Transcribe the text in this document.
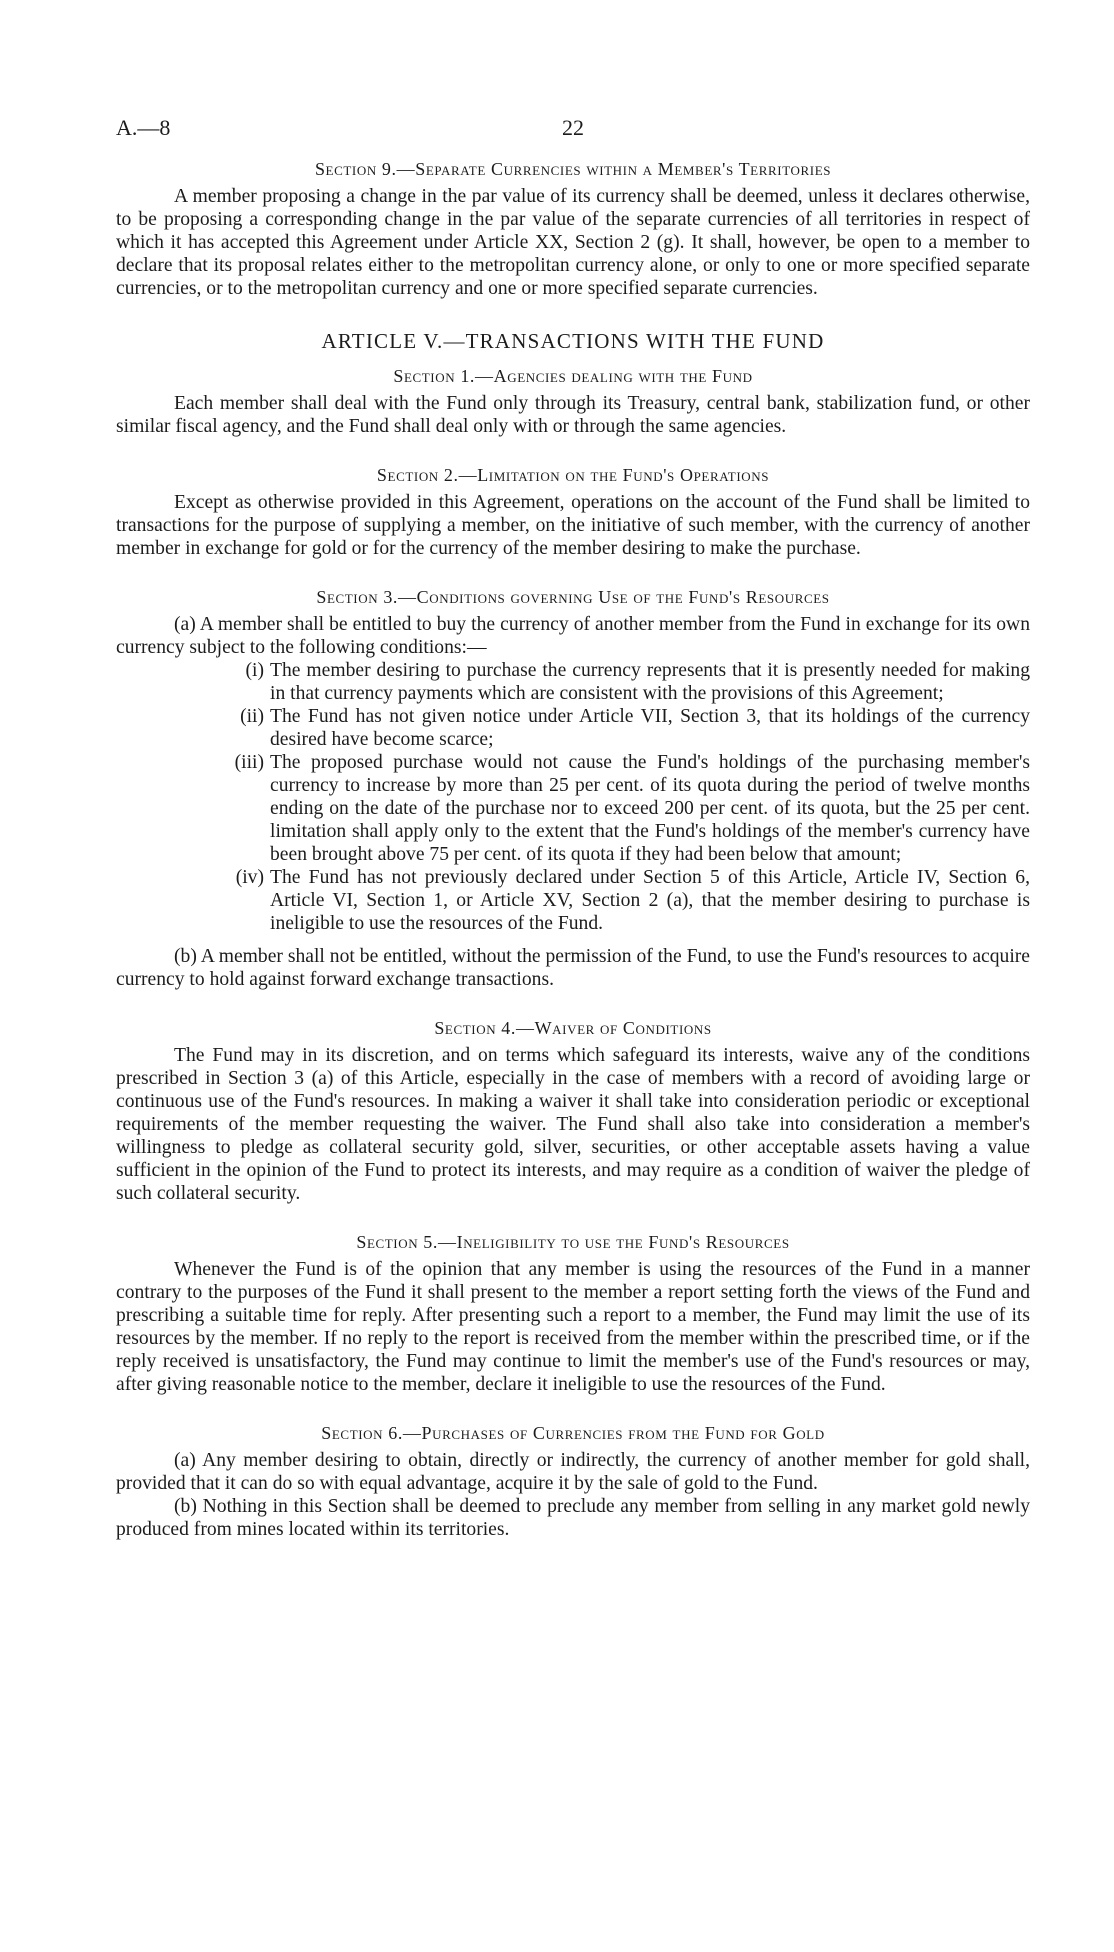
A.—8	22
Section 9.—Separate Currencies within a Member's Territories

A member proposing a change in the par value of its currency shall be deemed, unless it declares otherwise, to be proposing a corresponding change in the par value of the separate currencies of all territories in respect of which it has accepted this Agreement under Article XX, Section 2 (g). It shall, however, be open to a member to declare that its proposal relates either to the metropolitan currency alone, or only to one or more specified separate currencies, or to the metropolitan currency and one or more specified separate currencies.

ARTICLE V.—TRANSACTIONS WITH THE FUND
Section 1.—Agencies dealing with the Fund

Each member shall deal with the Fund only through its Treasury, central bank, stabilization fund, or other similar fiscal agency, and the Fund shall deal only with or through the same agencies.

Section 2.—Limitation on the Fund's Operations

Except as otherwise provided in this Agreement, operations on the account of the Fund shall be limited to transactions for the purpose of supplying a member, on the initiative of such member, with the currency of another member in exchange for gold or for the currency of the member desiring to make the purchase.

Section 3.—Conditions governing Use of the Fund's Resources

(a) A member shall be entitled to buy the currency of another member from the Fund in exchange for its own currency subject to the following conditions:—

(i) The member desiring to purchase the currency represents that it is presently needed for making in that currency payments which are consistent with the provisions of this Agreement;
(ii) The Fund has not given notice under Article VII, Section 3, that its holdings of the currency desired have become scarce;
(iii) The proposed purchase would not cause the Fund's holdings of the purchasing member's currency to increase by more than 25 per cent. of its quota during the period of twelve months ending on the date of the purchase nor to exceed 200 per cent. of its quota, but the 25 per cent. limitation shall apply only to the extent that the Fund's holdings of the member's currency have been brought above 75 per cent. of its quota if they had been below that amount;
(iv) The Fund has not previously declared under Section 5 of this Article, Article IV, Section 6, Article VI, Section 1, or Article XV, Section 2 (a), that the member desiring to purchase is ineligible to use the resources of the Fund.

(b) A member shall not be entitled, without the permission of the Fund, to use the Fund's resources to acquire currency to hold against forward exchange transactions.

Section 4.—Waiver of Conditions

The Fund may in its discretion, and on terms which safeguard its interests, waive any of the conditions prescribed in Section 3 (a) of this Article, especially in the case of members with a record of avoiding large or continuous use of the Fund's resources. In making a waiver it shall take into consideration periodic or exceptional requirements of the member requesting the waiver. The Fund shall also take into consideration a member's willingness to pledge as collateral security gold, silver, securities, or other acceptable assets having a value sufficient in the opinion of the Fund to protect its interests, and may require as a condition of waiver the pledge of such collateral security.

Section 5.—Ineligibility to use the Fund's Resources

Whenever the Fund is of the opinion that any member is using the resources of the Fund in a manner contrary to the purposes of the Fund it shall present to the member a report setting forth the views of the Fund and prescribing a suitable time for reply. After presenting such a report to a member, the Fund may limit the use of its resources by the member. If no reply to the report is received from the member within the prescribed time, or if the reply received is unsatisfactory, the Fund may continue to limit the member's use of the Fund's resources or may, after giving reasonable notice to the member, declare it ineligible to use the resources of the Fund.

Section 6.—Purchases of Currencies from the Fund for Gold

(a) Any member desiring to obtain, directly or indirectly, the currency of another member for gold shall, provided that it can do so with equal advantage, acquire it by the sale of gold to the Fund.

(b) Nothing in this Section shall be deemed to preclude any member from selling in any market gold newly produced from mines located within its territories.
